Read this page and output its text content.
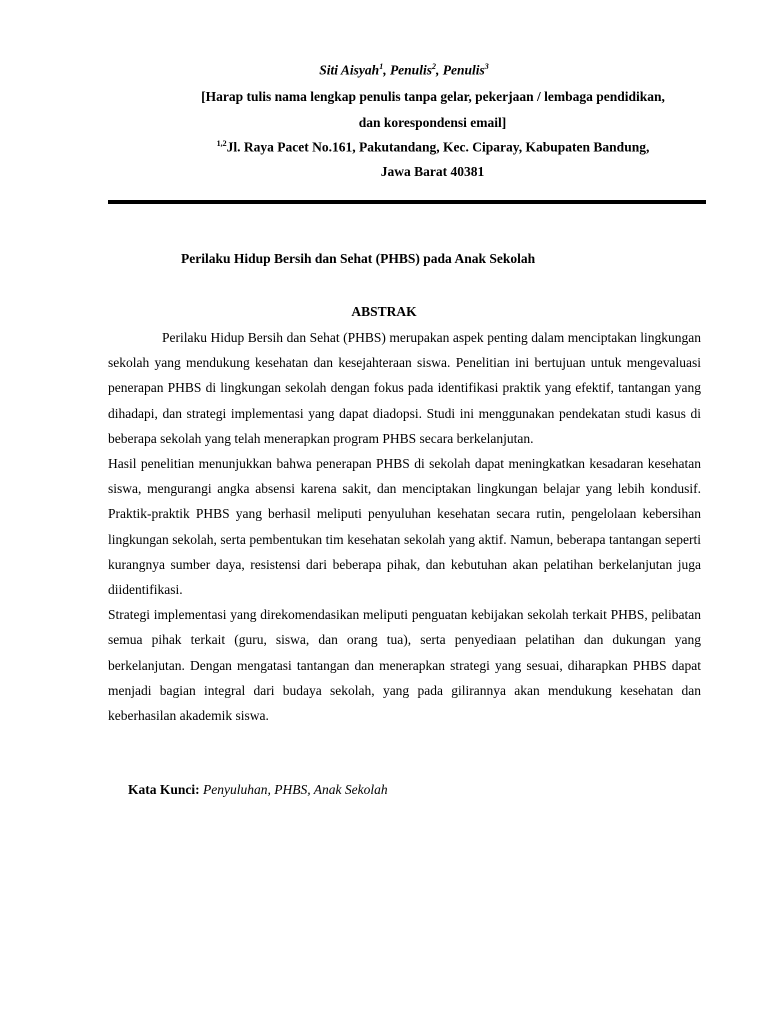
Siti Aisyah$^1$, Penulis$^2$, Penulis$^3$
[Harap tulis nama lengkap penulis tanpa gelar, pekerjaan / lembaga pendidikan,
dan korespondensi email]
$^{1,2}$Jl. Raya Pacet No.161, Pakutandang, Kec. Ciparay, Kabupaten Bandung,
Jawa Barat 40381
Perilaku Hidup Bersih dan Sehat (PHBS) pada Anak Sekolah
ABSTRAK

Perilaku Hidup Bersih dan Sehat (PHBS) merupakan aspek penting dalam menciptakan lingkungan sekolah yang mendukung kesehatan dan kesejahteraan siswa. Penelitian ini bertujuan untuk mengevaluasi penerapan PHBS di lingkungan sekolah dengan fokus pada identifikasi praktik yang efektif, tantangan yang dihadapi, dan strategi implementasi yang dapat diadopsi. Studi ini menggunakan pendekatan studi kasus di beberapa sekolah yang telah menerapkan program PHBS secara berkelanjutan.

Hasil penelitian menunjukkan bahwa penerapan PHBS di sekolah dapat meningkatkan kesadaran kesehatan siswa, mengurangi angka absensi karena sakit, dan menciptakan lingkungan belajar yang lebih kondusif. Praktik-praktik PHBS yang berhasil meliputi penyuluhan kesehatan secara rutin, pengelolaan kebersihan lingkungan sekolah, serta pembentukan tim kesehatan sekolah yang aktif. Namun, beberapa tantangan seperti kurangnya sumber daya, resistensi dari beberapa pihak, dan kebutuhan akan pelatihan berkelanjutan juga diidentifikasi.

Strategi implementasi yang direkomendasikan meliputi penguatan kebijakan sekolah terkait PHBS, pelibatan semua pihak terkait (guru, siswa, dan orang tua), serta penyediaan pelatihan dan dukungan yang berkelanjutan. Dengan mengatasi tantangan dan menerapkan strategi yang sesuai, diharapkan PHBS dapat menjadi bagian integral dari budaya sekolah, yang pada gilirannya akan mendukung kesehatan dan keberhasilan akademik siswa.

Kata Kunci: Penyuluhan, PHBS, Anak Sekolah
